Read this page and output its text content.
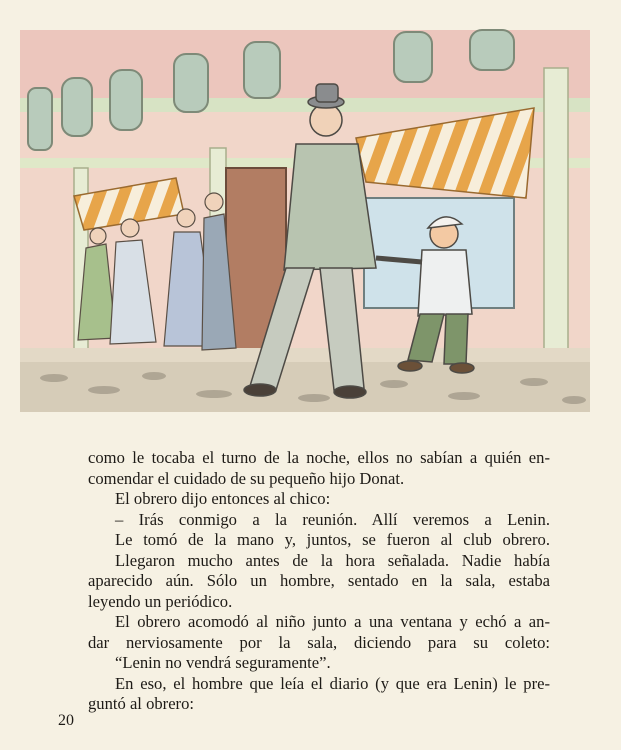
como le tocaba el turno de la noche, ellos no sabían a quién en-
comendar el cuidado de su pequeño hijo Donat.
El obrero dijo entonces al chico:
– Irás conmigo a la reunión. Allí veremos a Lenin.
Le tomó de la mano y, juntos, se fueron al club obrero.
Llegaron mucho antes de la hora señalada. Nadie había
aparecido aún. Sólo un hombre, sentado en la sala, estaba
leyendo un periódico.
El obrero acomodó al niño junto a una ventana y echó a an-
dar nerviosamente por la sala, diciendo para su coleto:
“Lenin no vendrá seguramente”.
En eso, el hombre que leía el diario (y que era Lenin) le pre-
guntó al obrero:
20
